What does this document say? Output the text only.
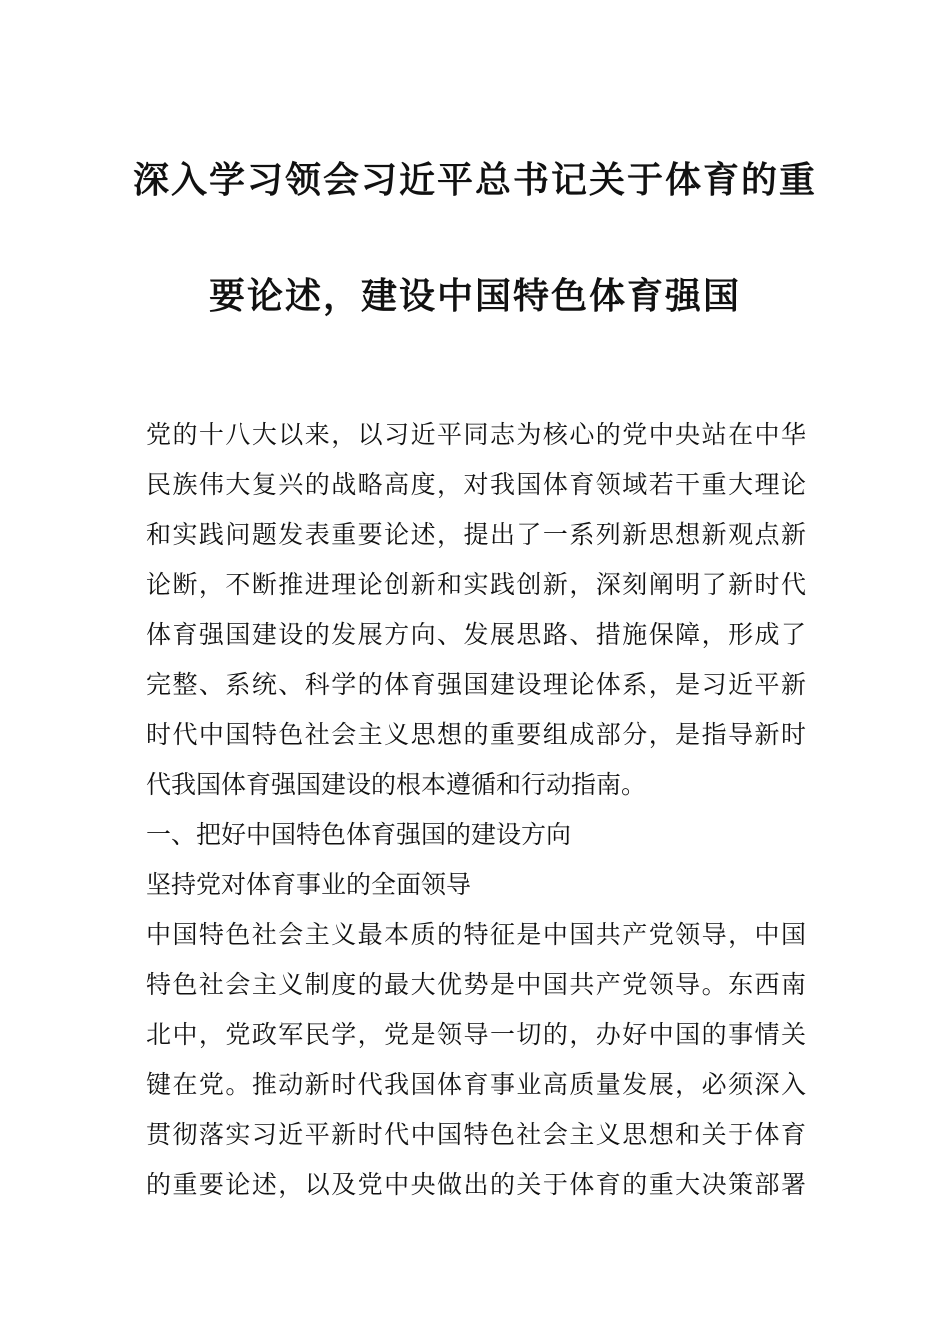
深入学习领会习近平总书记关于体育的重
要论述，建设中国特色体育强国
党的十八大以来，以习近平同志为核心的党中央站在中华
民族伟大复兴的战略高度，对我国体育领域若干重大理论
和实践问题发表重要论述，提出了一系列新思想新观点新
论断，不断推进理论创新和实践创新，深刻阐明了新时代
体育强国建设的发展方向、发展思路、措施保障，形成了
完整、系统、科学的体育强国建设理论体系，是习近平新
时代中国特色社会主义思想的重要组成部分，是指导新时
代我国体育强国建设的根本遵循和行动指南。
一、把好中国特色体育强国的建设方向
坚持党对体育事业的全面领导
中国特色社会主义最本质的特征是中国共产党领导，中国
特色社会主义制度的最大优势是中国共产党领导。东西南
北中，党政军民学，党是领导一切的，办好中国的事情关
键在党。推动新时代我国体育事业高质量发展，必须深入
贯彻落实习近平新时代中国特色社会主义思想和关于体育
的重要论述，以及党中央做出的关于体育的重大决策部署
